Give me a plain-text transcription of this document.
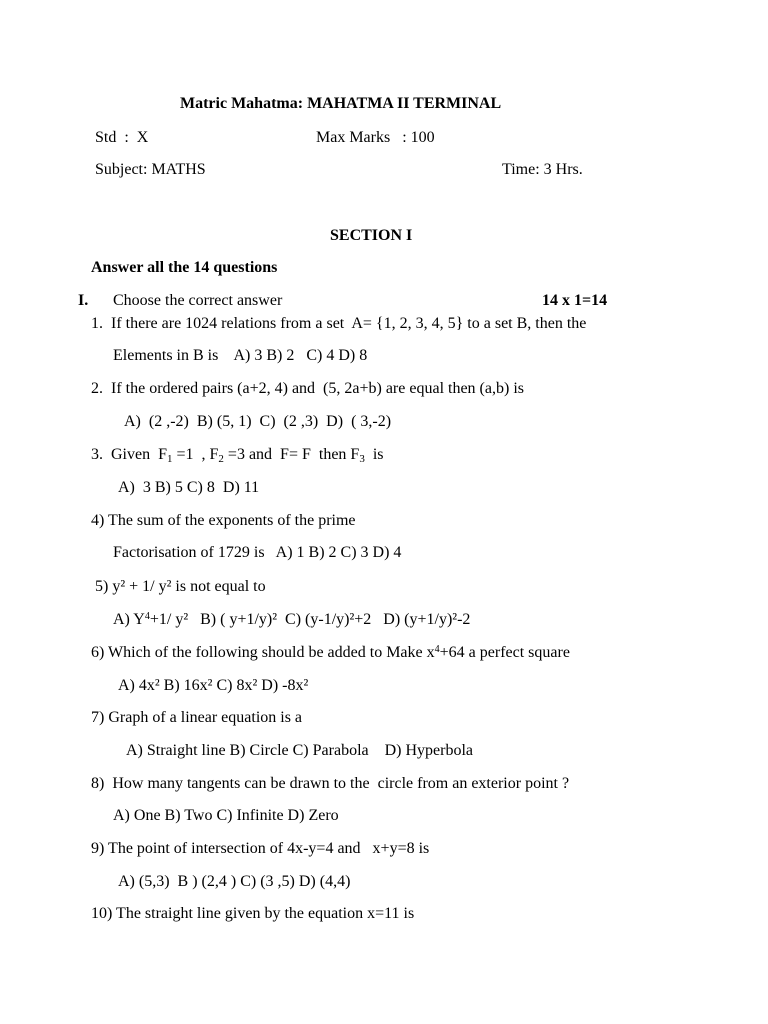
Matric Mahatma: MAHATMA II TERMINAL
Std  :  X	Max Marks   : 100
Subject: MATHS	Time: 3 Hrs.
SECTION I
Answer all the 14 questions
I. Choose the correct answer	14 x 1=14
1.  If there are 1024 relations from a set  A= {1, 2, 3, 4, 5} to a set B, then the
Elements in B is    A) 3 B) 2   C) 4 D) 8
2.  If the ordered pairs (a+2, 4) and  (5, 2a+b) are equal then (a,b) is
A)  (2 ,-2)  B) (5, 1)  C)  (2 ,3)  D)  ( 3,-2)
3.  Given  $F_1 =1$  , $F_2 =3$ and  F= F  then $F_3$  is
A)  3 B) 5 C) 8  D) 11
4) The sum of the exponents of the prime
Factorisation of 1729 is   A) 1 B) 2 C) 3 D) 4
5) y² + 1/ y² is not equal to
A) $Y^4+1/$ y²   B) ( y+1/y)²  C) (y-1/y)²+2   D) (y+1/y)²-2
6) Which of the following should be added to Make $x^4+64$ a perfect square
A) 4x² B) 16x² C) 8x² D) -8x²
7) Graph of a linear equation is a
A) Straight line B) Circle C) Parabola    D) Hyperbola
8)  How many tangents can be drawn to the  circle from an exterior point ?
A) One B) Two C) Infinite D) Zero
9) The point of intersection of 4x-y=4 and   x+y=8 is
A) (5,3)  B ) (2,4 ) C) (3 ,5) D) (4,4)
10) The straight line given by the equation x=11 is
